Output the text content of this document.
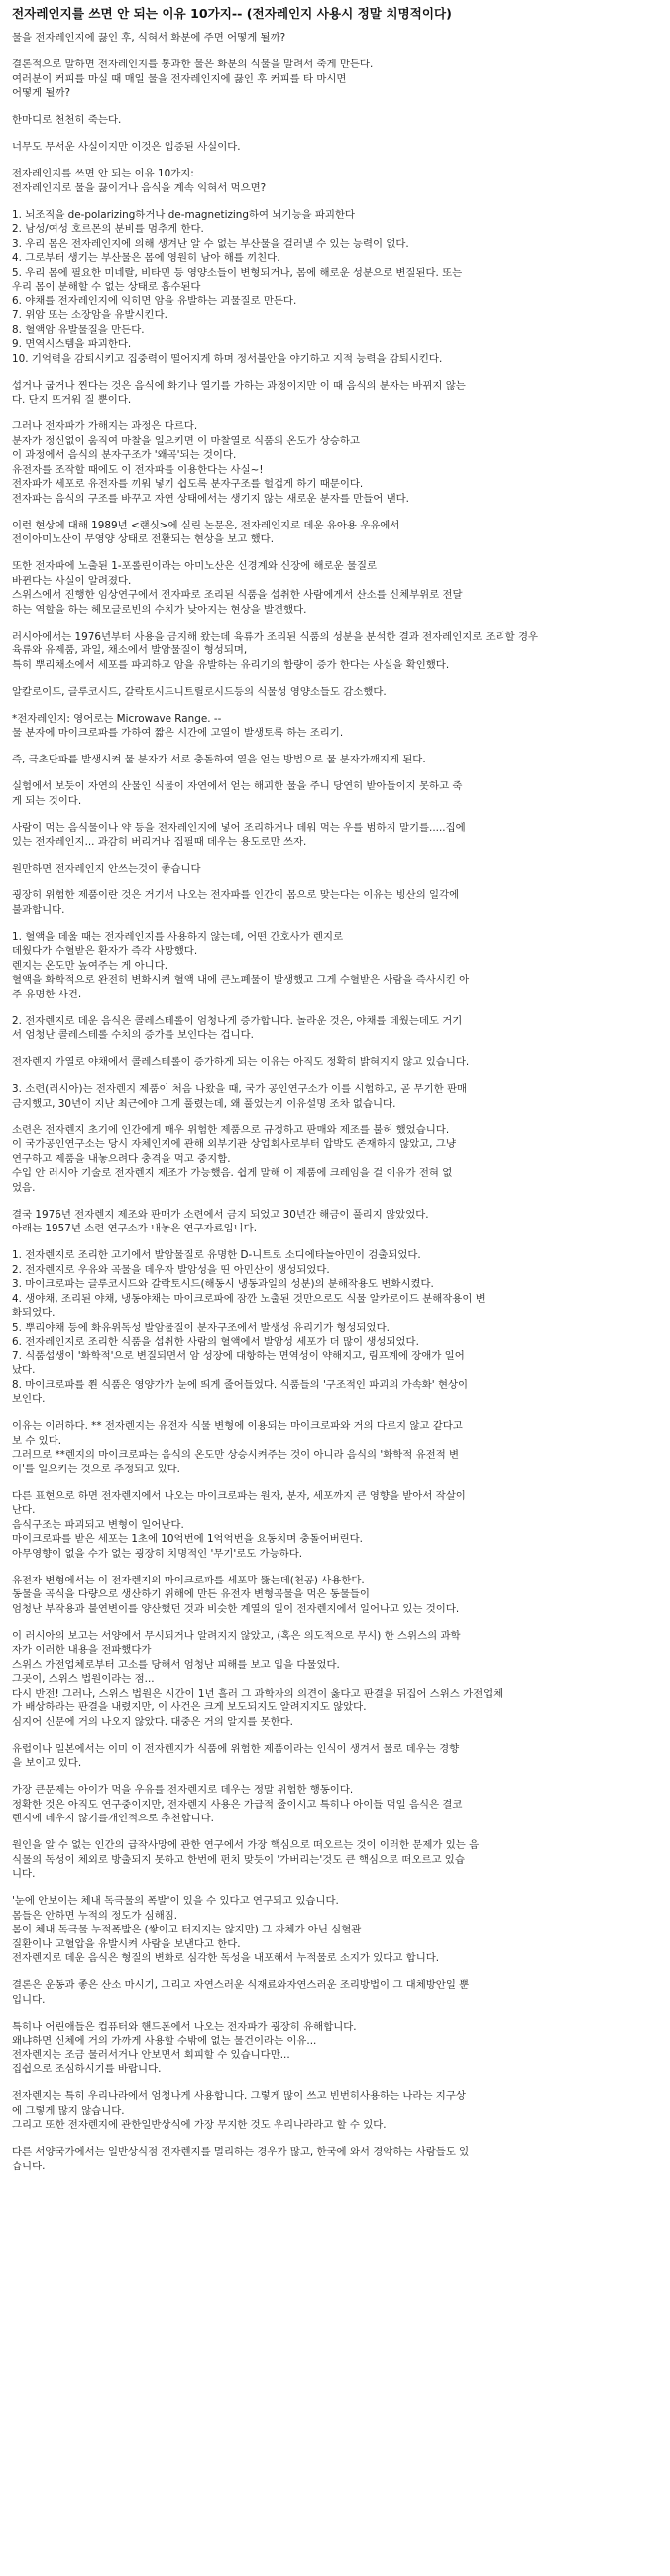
전자레인지를 쓰면 안 되는 이유 10가지-- (전자레인지 사용시 정말 치명적이다)
물을 전자레인지에 끓인 후, 식혀서 화분에 주면 어떻게 될까?
결론적으로 말하면 전자레인지를 통과한 물은 화분의 식물을 말려서 죽게 만든다.
여러분이 커피를 마실 때 매일 물을 전자레인지에 끓인 후 커피를 타 마시면
어떻게 될까?
한마디로 천천히 죽는다.
너무도 무서운 사실이지만 이것은 입증된 사실이다.
전자레인지를 쓰면 안 되는 이유 10가지:
전자레인지로 물을 끓이거나 음식을 계속 익혀서 먹으면?
1. 뇌조직을 de-polarizing하거나 de-magnetizing하여 뇌기능을 파괴한다
2. 남성/여성 호르몬의 분비를 멈추게 한다.
3. 우리 몸은 전자레인지에 의해 생겨난 알 수 없는 부산물을 걸러낼 수 있는 능력이 없다.
4. 그로부터 생기는 부산물은 몸에 영원히 남아 해를 끼친다.
5. 우리 몸에 필요한 미네랄, 비타민 등 영양소들이 변형되거나, 몸에 해로운 성분으로 변질된다. 또는
우리 몸이 분해할 수 없는 상태로 흡수된다
6. 야채를 전자레인지에 익히면 암을 유발하는 괴물질로 만든다.
7. 위암 또는 소장암을 유발시킨다.
8. 혈액암 유발물질을 만든다.
9. 면역시스템을 파괴한다.
10. 기억력을 감퇴시키고 집중력이 떨어지게 하며 정서불안을 야기하고 지적 능력을 감퇴시킨다.
섭거나 굽거나 찐다는 것은 음식에 화기나 열기를 가하는 과정이지만 이 때 음식의 분자는 바뀌지 않는
다. 단지 뜨거워 질 뿐이다.
그러나 전자파가 가해지는 과정은 다르다.
분자가 정신없이 움직여 마찰을 일으키면 이 마찰열로 식품의 온도가 상승하고
이 과정에서 음식의 분자구조가 '왜곡'되는 것이다.
유전자를 조작할 때에도 이 전자파를 이용한다는 사실~!
전자파가 세포로 유전자를 끼워 넣기 쉽도록 분자구조를 헐겁게 하기 때문이다.
전자파는 음식의 구조를 바꾸고 자연 상태에서는 생기지 않는 새로운 분자를 만들어 낸다.
이런 현상에 대해 1989년 <랜싯>에 실린 논문은, 전자레인지로 데운 유아용 우유에서
전이아미노산이 무영양 상태로 전환되는 현상을 보고 했다.
또한 전자파에 노출된 1-포롤린이라는 아미노산은 신경계와 신장에 해로운 물질로
바뀐다는 사실이 알려졌다.
스위스에서 진행한 임상연구에서 전자파로 조리된 식품을 섭취한 사람에게서 산소를 신체부위로 전달
하는 역할을 하는 헤모글로빈의 수치가 낮아지는 현상을 발견했다.
러시아에서는 1976년부터 사용을 금지해 왔는데 육류가 조리된 식품의 성분을 분석한 결과 전자레인지로 조리할 경우
육류와 유제품, 과일, 채소에서 발암물질이 형성되며,
특히 뿌리채소에서 세포를 파괴하고 암을 유발하는 유리기의 함량이 증가 한다는 사실을 확인했다.
알칼로이드, 글루코시드, 갈락토시드니트릴로시드등의 식물성 영양소들도 감소했다.
*전자레인지: 영어로는 Microwave Range. --
물 분자에 마이크로파를 가하여 짧은 시간에 고열이 발생토록 하는 조리기.
즉, 극초단파를 발생시켜 물 분자가 서로 충돌하여 열을 얻는 방법으로 물 분자가깨지게 된다.
실험에서 보듯이 자연의 산물인 식물이 자연에서 얻는 해괴한 물을 주니 당연히 받아들이지 못하고 죽
게 되는 것이다.
사람이 먹는 음식물이나 약 등을 전자레인지에 넣어 조리하거나 데워 먹는 우를 범하지 말기를.....집에
있는 전자레인지... 과감히 버리거나 집필때 데우는 용도로만 쓰자.
원만하면 전자레인지 안쓰는것이 좋습니다
굉장히 위험한 제품이란 것은 거기서 나오는 전자파를 인간이 몸으로 맞는다는 이유는 빙산의 일각에
불과합니다.
1. 혈액을 데울 때는 전자레인지를 사용하지 않는데, 어떤 간호사가 렌지로
데웠다가 수혈받은 환자가 즉각 사망했다.
렌지는 온도만 높여주는 게 아니다.
혈액을 화학적으로 완전히 변화시켜 혈액 내에 큰노폐물이 발생했고 그게 수혈받은 사람을 즉사시킨 아
주 유명한 사건.
2. 전자렌지로 데운 음식은 콜레스테롤이 엄청나게 증가합니다. 놀라운 것은, 야채를 데웠는데도 거기
서 엄청난 콜레스테롤 수치의 증가를 보인다는 겁니다.
전자렌지 가열로 야채에서 콜레스테롤이 증가하게 되는 이유는 아직도 정확히 밝혀지지 않고 있습니다.
3. 소련(러시아)는 전자렌지 제품이 처음 나왔을 때, 국가 공인연구소가 이를 시험하고, 곧 무기한 판매
금지했고, 30년이 지난 최근에야 그게 풀렸는데, 왜 풀었는지 이유설명 조차 없습니다.
소련은 전자렌지 초기에 인간에게 매우 위험한 제품으로 규정하고 판매와 제조를 불허 했었습니다.
이 국가공인연구소는 당시 자체인지에 관해 외부기관 상업회사로부터 압박도 존재하지 않았고, 그냥
연구하고 제품을 내놓으려다 충격을 먹고 중지함.
수입 안 러시아 기술로 전자렌지 제조가 가능했음. 쉽게 말해 이 제품에 크레임을 걸 이유가 전혀 없
었음.
결국 1976년 전자렌지 제조와 판매가 소련에서 금지 되었고 30년간 해금이 풀리지 않았었다.
아래는 1957년 소련 연구소가 내놓은 연구자료입니다.
1. 전자렌지로 조리한 고기에서 발암물질로 유명한 D-니트로 소디에타놀아민이 검출되었다.
2. 전자렌지로 우유와 곡물을 데우자 발암성을 띤 아민산이 생성되었다.
3. 마이크로파는 글루코시드와 갈락토시드(해동시 냉동과일의 성분)의 분해작용도 변화시켰다.
4. 생야채, 조리된 야채, 냉동야채는 마이크로파에 잠깐 노출된 것만으로도 식물 알카로이드 분해작용이 변
화되었다.
5. 뿌리야채 등에 화유위독성 발암물질이 분자구조에서 발생성 유리기가 형성되었다.
6. 전자레인지로 조리한 식품을 섭취한 사람의 혈액에서 발암성 세포가 더 많이 생성되었다.
7. 식품섭생이 '화학적'으로 변질되면서 암 성장에 대항하는 면역성이 약해지고, 림프계에 장애가 일어
났다.
8. 마이크로파를 쬔 식품은 영양가가 눈에 띄게 줄어들었다. 식품들의 '구조적인 파괴의 가속화' 현상이
보인다.
이유는 이러하다. ** 전자렌지는 유전자 식물 변형에 이용되는 마이크로파와 거의 다르지 않고 같다고
보 수 있다.
그러므로 **렌지의 마이크로파는 음식의 온도만 상승시켜주는 것이 아니라 음식의 '화학적 유전적 변
이'를 일으키는 것으로 추정되고 있다.
다른 표현으로 하면 전자렌지에서 나오는 마이크로파는 원자, 분자, 세포까지 큰 영향을 받아서 작살이
난다.
음식구조는 파괴되고 변형이 일어난다.
마이크로파를 받은 세포는 1초에 10억번에 1억억번을 요동치며 충돌어버린다.
아무영향이 없을 수가 없는 굉장히 치명적인 '무기'로도 가능하다.
유전자 변형에서는 이 전자렌지의 마이크로파를 세포막 뚫는데(천공) 사용한다.
동물을 곡식을 다량으로 생산하기 위해에 만든 유전자 변형곡물을 먹은 동물들이
엄청난 부작용과 불연변이를 양산했던 것과 비슷한 계열의 일이 전자렌지에서 일어나고 있는 것이다.
이 러시아의 보고는 서양에서 무시되거나 알려지지 않았고, (혹은 의도적으로 무시) 한 스위스의 과학
자가 이러한 내용을 전파했다가
스위스 가전업체로부터 고소를 당해서 엄청난 피해를 보고 입을 다물었다.
그곳이, 스위스 법원이라는 점...
다시 반전! 그러나, 스위스 법원은 시간이 1년 흘러 그 과학자의 의견이 옳다고 판결을 뒤집어 스위스 가전업체
가 배상하라는 판결을 내렸지만, 이 사건은 크게 보도되지도 알려지지도 않았다.
심지어 신문에 거의 나오지 않았다. 대중은 거의 알지를 못한다.
유럽이나 일본에서는 이미 이 전자렌지가 식품에 위험한 제품이라는 인식이 생겨서 물로 데우는 경향
을 보이고 있다.
가장 큰문제는 아이가 먹을 우유를 전자렌지로 데우는 정말 위험한 행동이다.
정확한 것은 아직도 연구중이지만, 전자렌지 사용은 가급적 줄이시고 특히나 아이들 먹일 음식은 결코
렌지에 데우지 않기를개인적으로 추천합니다.
원인을 알 수 없는 인간의 급작사망에 관한 연구에서 가장 핵심으로 떠오르는 것이 이러한 문제가 있는 음
식물의 독성이 체외로 방출되지 못하고 한번에 펀치 맞듯이 '가버리는'것도 큰 핵심으로 떠오르고 있습
니다.
'눈에 안보이는 체내 독극물의 폭발'이 있을 수 있다고 연구되고 있습니다.
몸들은 안하면 누적의 정도가 심해짐.
몸이 체내 독극물 누적폭발은 (쌓이고 터지지는 않지만) 그 자체가 아닌 심혈관
질환이나 고혈압을 유발시켜 사람을 보낸다고 한다.
전자렌지로 데운 음식은 형질의 변화로 심각한 독성을 내포해서 누적물로 소지가 있다고 합니다.
결론은 운동과 좋은 산소 마시기, 그리고 자연스러운 식재료와자연스러운 조리방법이 그 대체방안일 뿐
입니다.
특히나 어린애들은 컵퓨터와 핸드폰에서 나오는 전자파가 굉장히 유해합니다.
왜냐하면 신체에 거의 가까게 사용할 수밖에 없는 물건이라는 이유...
전자렌지는 조금 물러서거나 안보면서 회피할 수 있습니다만...
집쉽으로 조심하시기를 바랍니다.
전자렌지는 특히 우리나라에서 엄청나게 사용합니다. 그렇게 많이 쓰고 빈번히사용하는 나라는 지구상
에 그렇게 많지 않습니다.
그리고 또한 전자렌지에 관한일반상식에 가장 무지한 것도 우리나라라고 할 수 있다.
다른 서양국가에서는 일반상식점 전자렌지를 멀리하는 경우가 많고, 한국에 와서 경악하는 사람들도 있
습니다.
